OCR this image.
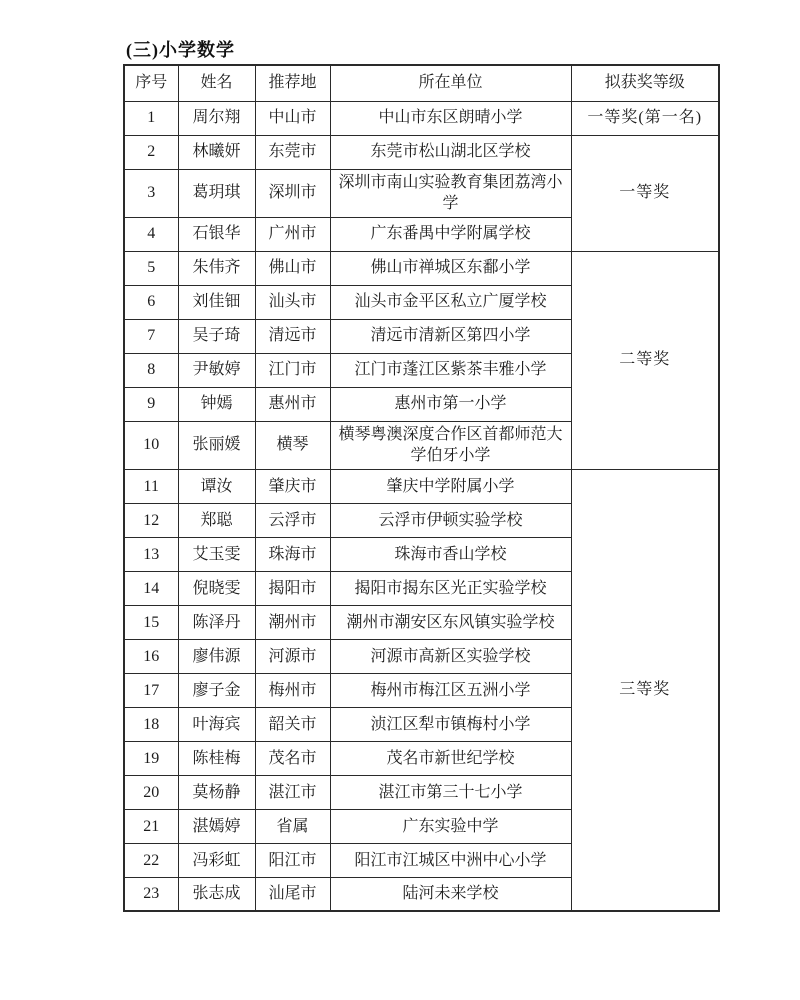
(三)小学数学
序号	姓名	推荐地	所在单位	拟获奖等级
1	周尔翔	中山市	中山市东区朗晴小学	一等奖(第一名)
2	林曦妍	东莞市	东莞市松山湖北区学校	一等奖
3	葛玥琪	深圳市	深圳市南山实验教育集团荔湾小学	
4	石银华	广州市	广东番禺中学附属学校	
5	朱伟齐	佛山市	佛山市禅城区东鄱小学	二等奖
6	刘佳钿	汕头市	汕头市金平区私立广厦学校	
7	吴子琦	清远市	清远市清新区第四小学	
8	尹敏婷	江门市	江门市蓬江区紫茶丰雅小学	
9	钟嫣	惠州市	惠州市第一小学	
10	张丽媛	横琴	横琴粤澳深度合作区首都师范大学伯牙小学	
11	谭汝	肇庆市	肇庆中学附属小学	三等奖
12	郑聪	云浮市	云浮市伊顿实验学校	
13	艾玉雯	珠海市	珠海市香山学校	
14	倪晓雯	揭阳市	揭阳市揭东区光正实验学校	
15	陈泽丹	潮州市	潮州市潮安区东风镇实验学校	
16	廖伟源	河源市	河源市高新区实验学校	
17	廖子金	梅州市	梅州市梅江区五洲小学	
18	叶海宾	韶关市	浈江区犁市镇梅村小学	
19	陈桂梅	茂名市	茂名市新世纪学校	
20	莫杨静	湛江市	湛江市第三十七小学	
21	湛嫣婷	省属	广东实验中学	
22	冯彩虹	阳江市	阳江市江城区中洲中心小学	
23	张志成	汕尾市	陆河未来学校	
